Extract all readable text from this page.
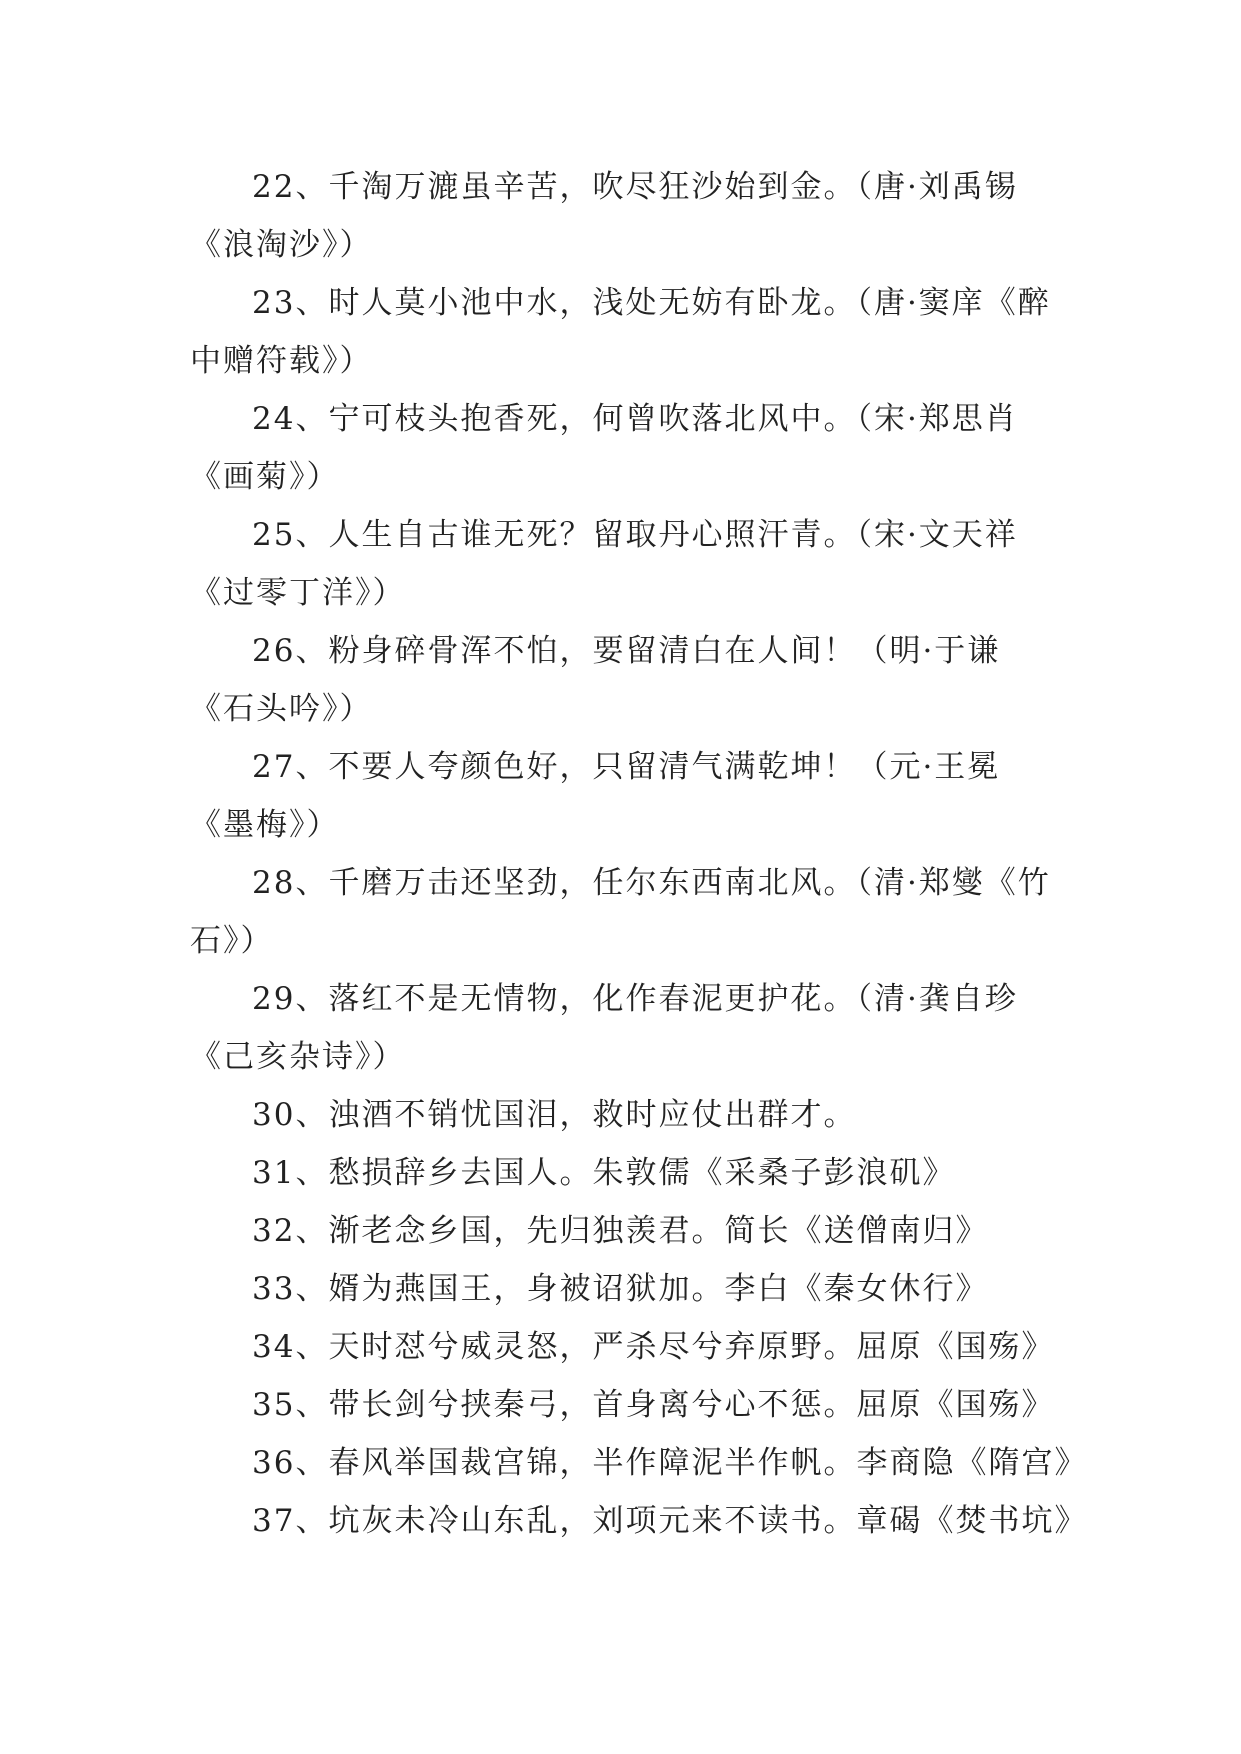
22、千淘万漉虽辛苦，吹尽狂沙始到金。（唐·刘禹锡《浪淘沙》）

23、时人莫小池中水，浅处无妨有卧龙。（唐·窦庠《醉中赠符载》）

24、宁可枝头抱香死，何曾吹落北风中。（宋·郑思肖《画菊》）

25、人生自古谁无死？留取丹心照汗青。（宋·文天祥《过零丁洋》）

26、粉身碎骨浑不怕，要留清白在人间！（明·于谦《石头吟》）

27、不要人夸颜色好，只留清气满乾坤！（元·王冕《墨梅》）

28、千磨万击还坚劲，任尔东西南北风。（清·郑燮《竹石》）

29、落红不是无情物，化作春泥更护花。（清·龚自珍《己亥杂诗》）

30、浊酒不销忧国泪，救时应仗出群才。

31、愁损辞乡去国人。朱敦儒《采桑子彭浪矶》

32、渐老念乡国，先归独羡君。简长《送僧南归》

33、婿为燕国王，身被诏狱加。李白《秦女休行》

34、天时怼兮威灵怒，严杀尽兮弃原野。屈原《国殇》

35、带长剑兮挟秦弓，首身离兮心不惩。屈原《国殇》

36、春风举国裁宫锦，半作障泥半作帆。李商隐《隋宫》

37、坑灰未冷山东乱，刘项元来不读书。章碣《焚书坑》
